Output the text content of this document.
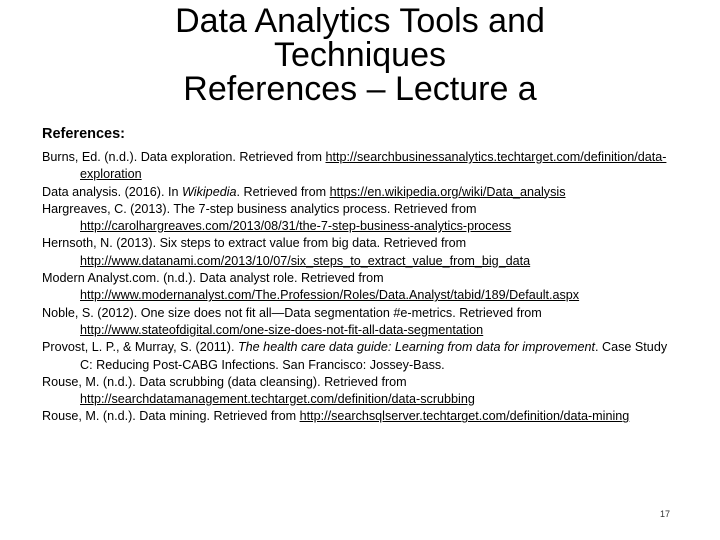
Data Analytics Tools and
Techniques
References – Lecture a
References:
Burns, Ed. (n.d.). Data exploration. Retrieved from http://searchbusinessanalytics.techtarget.com/definition/data-exploration
Data analysis. (2016). In Wikipedia. Retrieved from https://en.wikipedia.org/wiki/Data_analysis
Hargreaves, C. (2013). The 7-step business analytics process. Retrieved from http://carolhargreaves.com/2013/08/31/the-7-step-business-analytics-process
Hernsoth, N. (2013). Six steps to extract value from big data. Retrieved from http://www.datanami.com/2013/10/07/six_steps_to_extract_value_from_big_data
Modern Analyst.com. (n.d.). Data analyst role. Retrieved from http://www.modernanalyst.com/The.Profession/Roles/Data.Analyst/tabid/189/Default.aspx
Noble, S. (2012). One size does not fit all—Data segmentation #e-metrics. Retrieved from http://www.stateofdigital.com/one-size-does-not-fit-all-data-segmentation
Provost, L. P., & Murray, S. (2011). The health care data guide: Learning from data for improvement. Case Study C: Reducing Post-CABG Infections. San Francisco: Jossey-Bass.
Rouse, M. (n.d.). Data scrubbing (data cleansing). Retrieved from http://searchdatamanagement.techtarget.com/definition/data-scrubbing
Rouse, M. (n.d.). Data mining. Retrieved from http://searchsqlserver.techtarget.com/definition/data-mining
17
